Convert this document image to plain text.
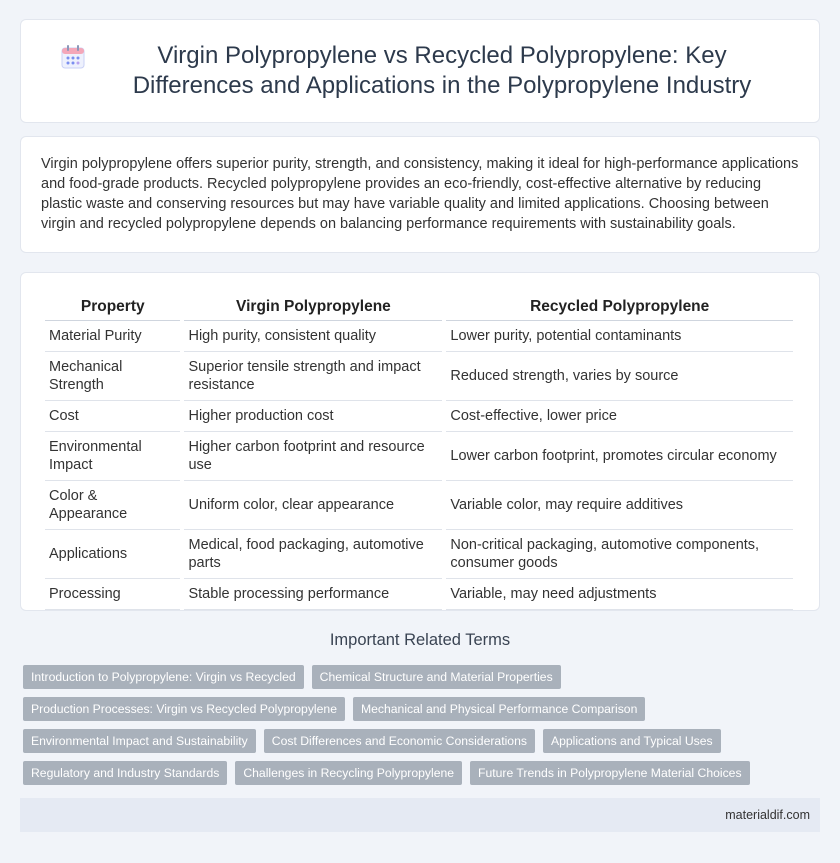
Virgin Polypropylene vs Recycled Polypropylene: Key Differences and Applications in the Polypropylene Industry

Virgin polypropylene offers superior purity, strength, and consistency, making it ideal for high-performance applications and food-grade products. Recycled polypropylene provides an eco-friendly, cost-effective alternative by reducing plastic waste and conserving resources but may have variable quality and limited applications. Choosing between virgin and recycled polypropylene depends on balancing performance requirements with sustainability goals.

Property	Virgin Polypropylene	Recycled Polypropylene
Material Purity	High purity, consistent quality	Lower purity, potential contaminants
Mechanical Strength	Superior tensile strength and impact resistance	Reduced strength, varies by source
Cost	Higher production cost	Cost-effective, lower price
Environmental Impact	Higher carbon footprint and resource use	Lower carbon footprint, promotes circular economy
Color & Appearance	Uniform color, clear appearance	Variable color, may require additives
Applications	Medical, food packaging, automotive parts	Non-critical packaging, automotive components, consumer goods
Processing	Stable processing performance	Variable, may need adjustments
Important Related Terms
Introduction to Polypropylene: Virgin vs Recycled	Chemical Structure and Material Properties
Production Processes: Virgin vs Recycled Polypropylene	Mechanical and Physical Performance Comparison
Environmental Impact and Sustainability	Cost Differences and Economic Considerations	Applications and Typical Uses
Regulatory and Industry Standards	Challenges in Recycling Polypropylene	Future Trends in Polypropylene Material Choices
materialdif.com
